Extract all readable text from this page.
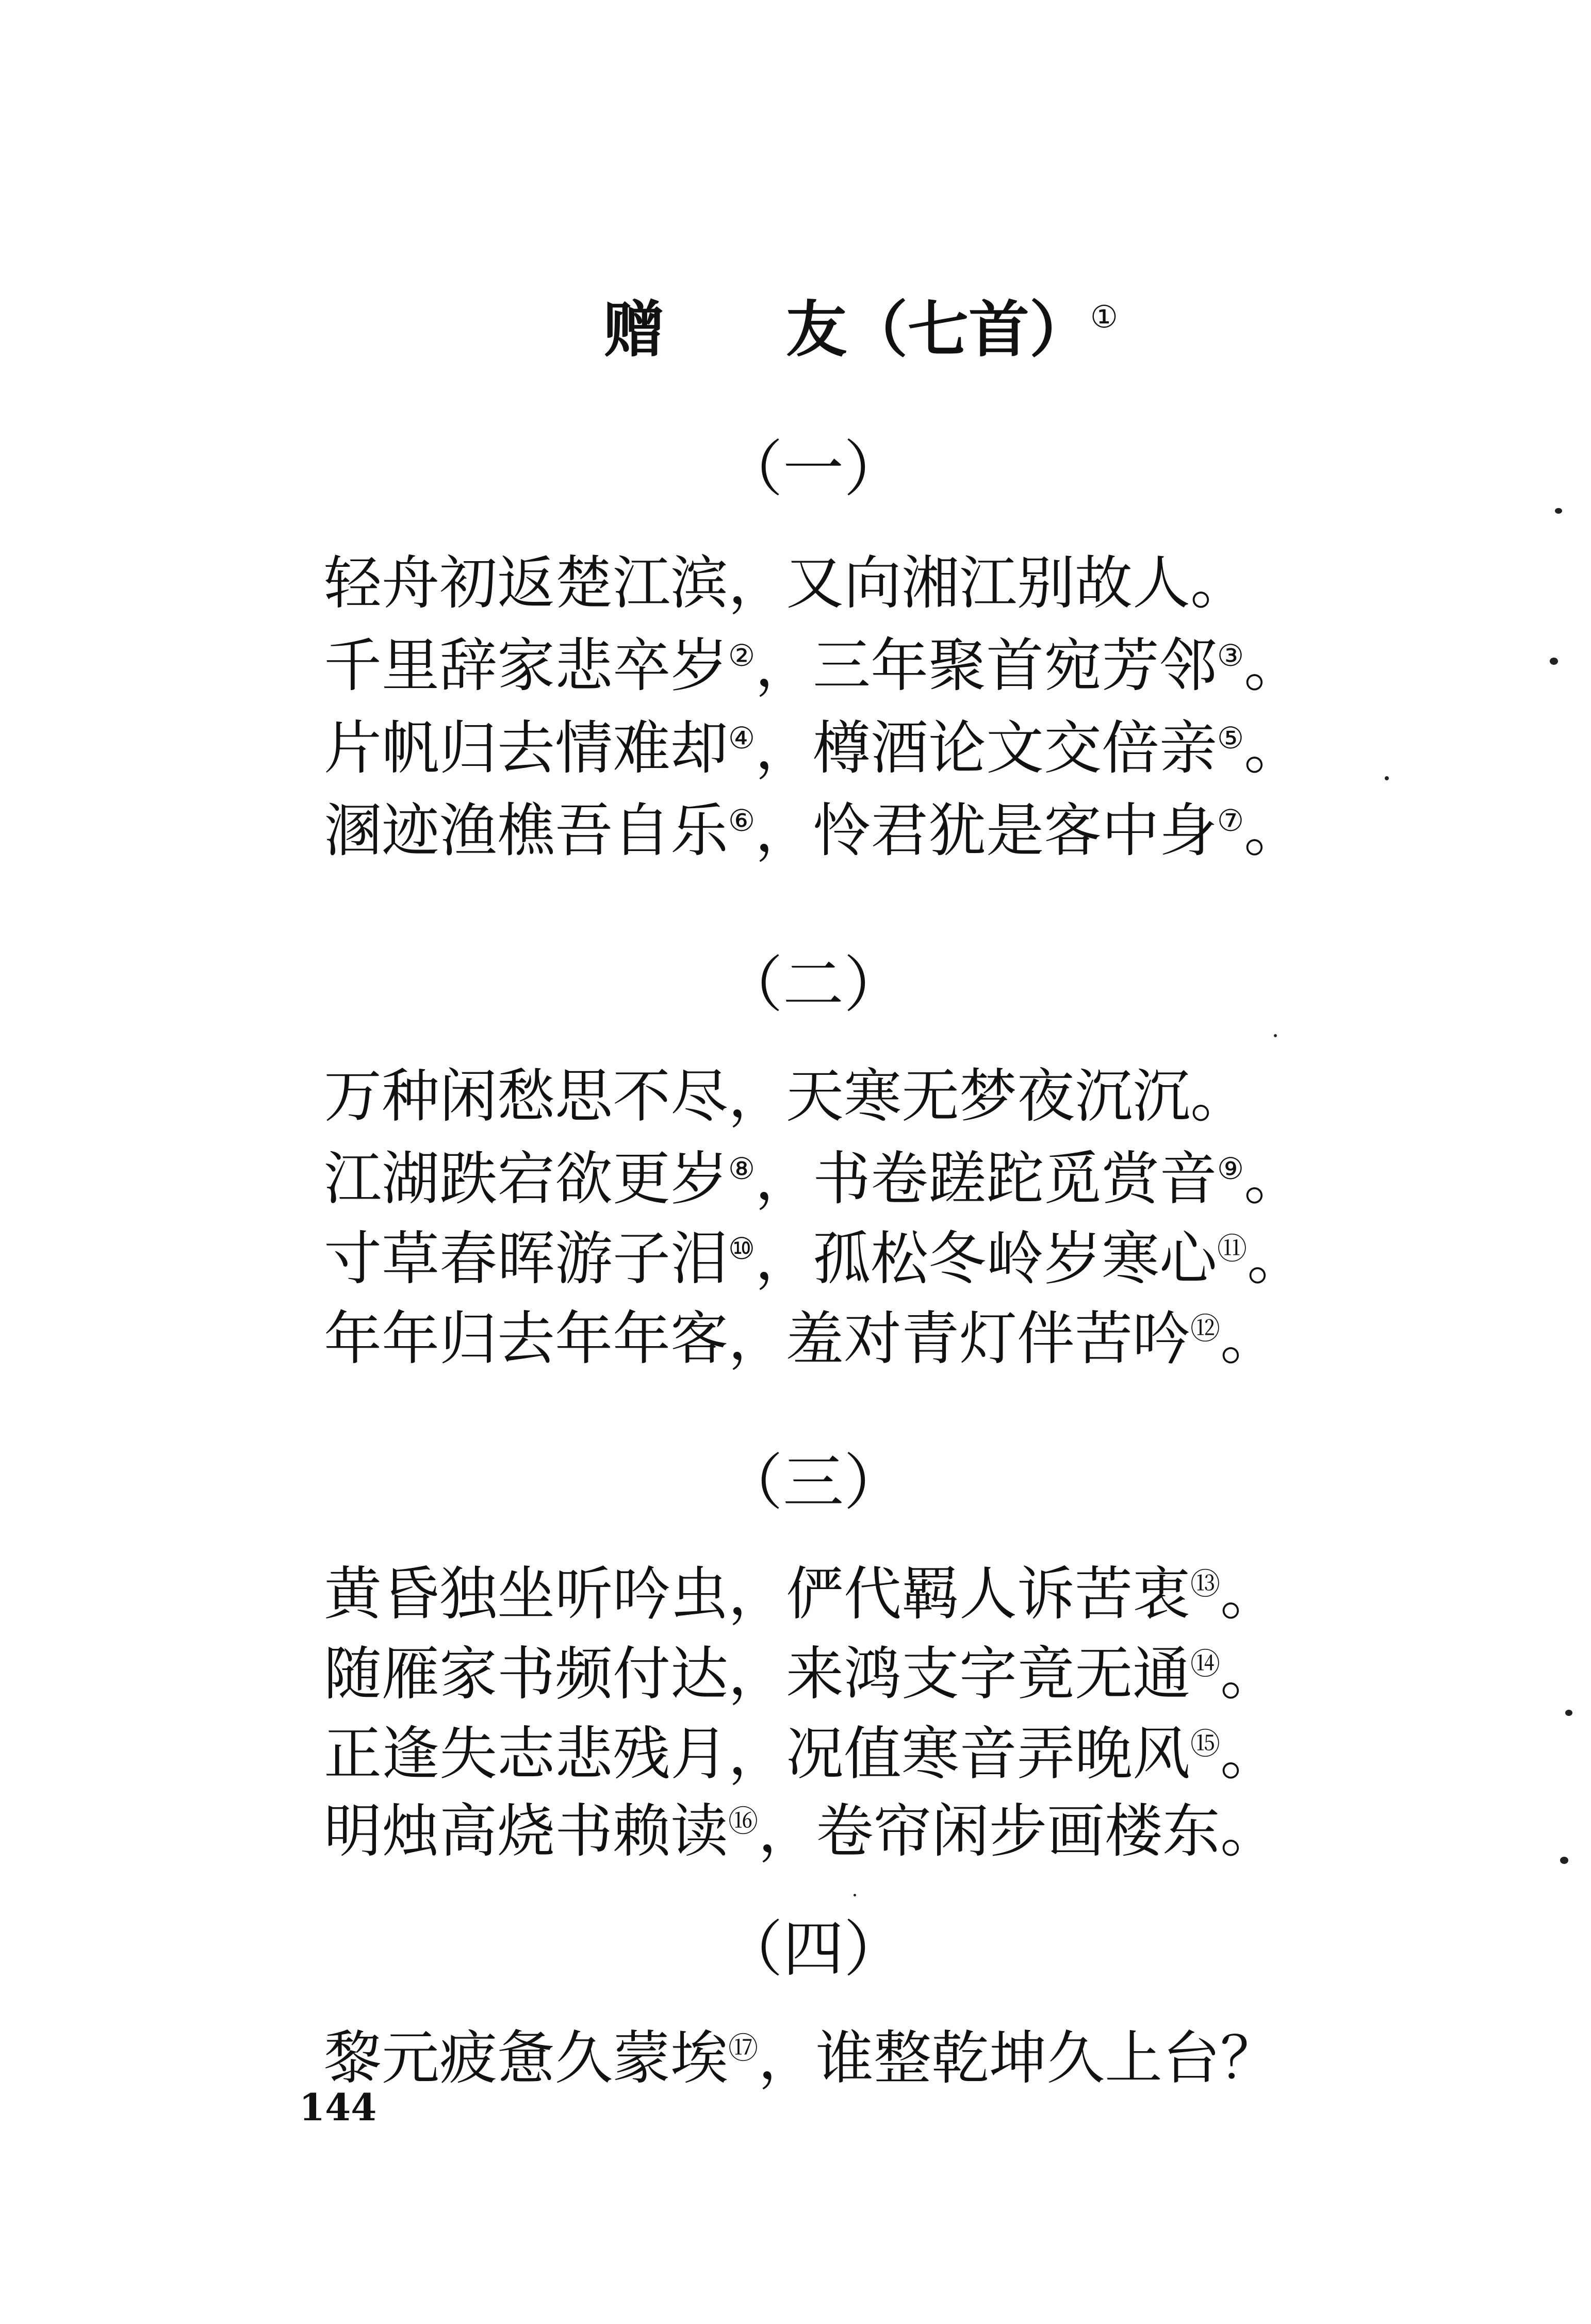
赠　　友（七首）①
（一）
轻舟初返楚江滨，又向湘江别故人。
千里辞家悲卒岁②，三年聚首宛芳邻③。
片帆归去情难却④，樽酒论文交倍亲⑤。
溷迹渔樵吾自乐⑥，怜君犹是客中身⑦。
（二）
万种闲愁思不尽，天寒无梦夜沉沉。
江湖跌宕欲更岁⑧，书卷蹉跎觅赏音⑨。
寸草春晖游子泪⑩，孤松冬岭岁寒心⑪。
年年归去年年客，羞对青灯伴苦吟⑫。
（三）
黄昏独坐听吟虫，俨代羁人诉苦衷⑬。
随雁家书频付达，来鸿支字竟无通⑭。
正逢失志悲残月，况值寒音弄晚风⑮。
明烛高烧书赖读⑯，卷帘闲步画楼东。
（四）
黎元疲惫久蒙埃⑰，谁整乾坤久上台？
144
